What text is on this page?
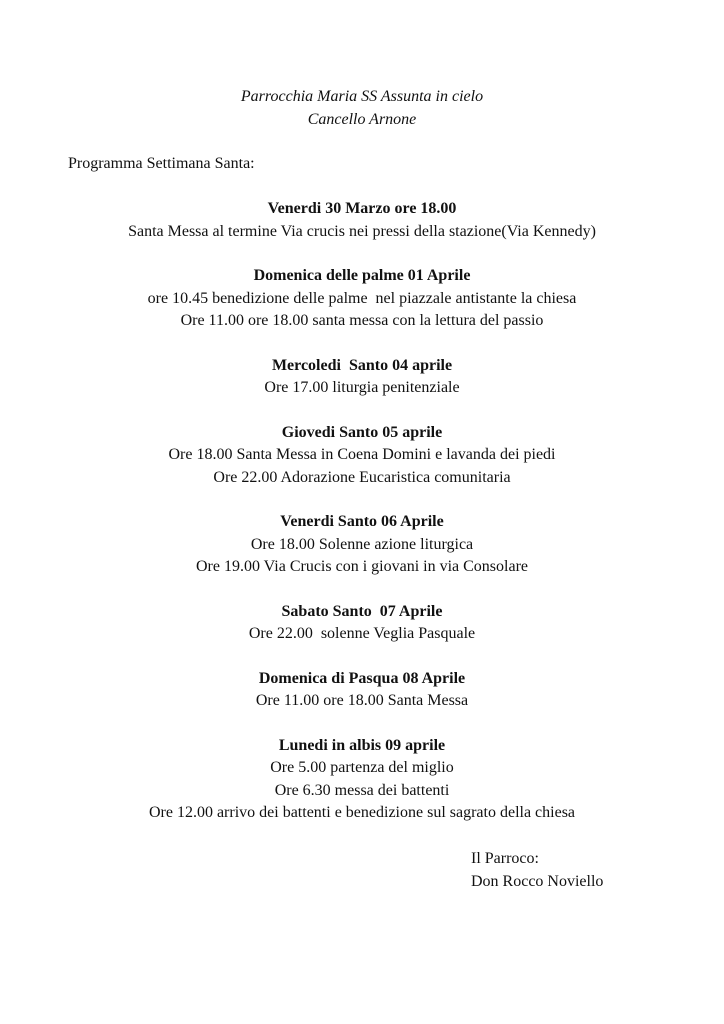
Parrocchia Maria SS Assunta in cielo
Cancello Arnone
Programma Settimana Santa:
Venerdi 30 Marzo ore 18.00
Santa Messa al termine Via crucis nei pressi della stazione(Via Kennedy)
Domenica delle palme 01 Aprile
ore 10.45 benedizione delle palme  nel piazzale antistante la chiesa
Ore 11.00 ore 18.00 santa messa con la lettura del passio
Mercoledi  Santo 04 aprile
Ore 17.00 liturgia penitenziale
Giovedi Santo 05 aprile
Ore 18.00 Santa Messa in Coena Domini e lavanda dei piedi
Ore 22.00 Adorazione Eucaristica comunitaria
Venerdi Santo 06 Aprile
Ore 18.00 Solenne azione liturgica
Ore 19.00 Via Crucis con i giovani in via Consolare
Sabato Santo  07 Aprile
Ore 22.00  solenne Veglia Pasquale
Domenica di Pasqua 08 Aprile
Ore 11.00 ore 18.00 Santa Messa
Lunedi in albis 09 aprile
Ore 5.00 partenza del miglio
Ore 6.30 messa dei battenti
Ore 12.00 arrivo dei battenti e benedizione sul sagrato della chiesa
Il Parroco:
Don Rocco Noviello
